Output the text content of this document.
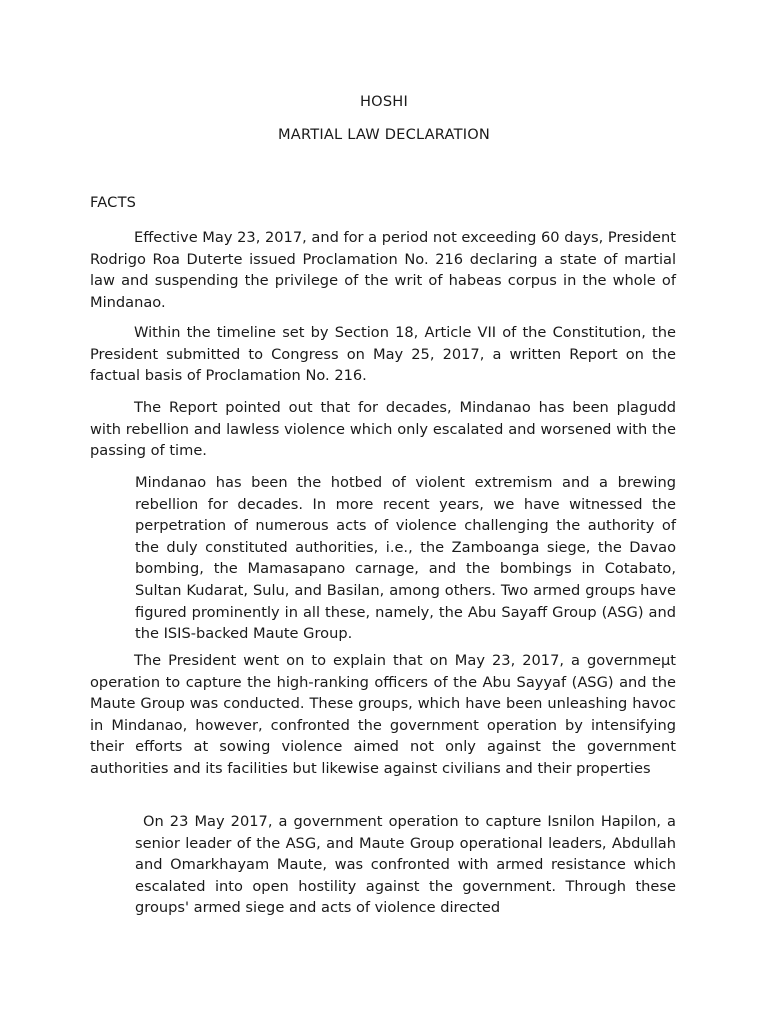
HOSHI
MARTIAL LAW DECLARATION
FACTS

Effective May 23, 2017, and for a period not exceeding 60 days, President Rodrigo Roa Duterte issued Proclamation No. 216 declaring a state of martial law and suspending the privilege of the writ of habeas corpus in the whole of Mindanao.

Within the timeline set by Section 18, Article VII of the Constitution, the President submitted to Congress on May 25, 2017, a written Report on the factual basis of Proclamation No. 216.

The Report pointed out that for decades, Mindanao has been plagudd with rebellion and lawless violence which only escalated and worsened with the passing of time.

Mindanao has been the hotbed of violent extremism and a brewing rebellion for decades. In more recent years, we have witnessed the perpetration of numerous acts of violence challenging the authority of the duly constituted authorities, i.e., the Zamboanga siege, the Davao bombing, the Mamasapano carnage, and the bombings in Cotabato, Sultan Kudarat, Sulu, and Basilan, among others. Two armed groups have figured prominently in all these, namely, the Abu Sayaff Group (ASG) and the ISIS-backed Maute Group.

The President went on to explain that on May 23, 2017, a governmeµt operation to capture the high-ranking officers of the Abu Sayyaf (ASG) and the Maute Group was conducted. These groups, which have been unleashing havoc in Mindanao, however, confronted the government operation by intensifying their efforts at sowing violence aimed not only against the government authorities and its facilities but likewise against civilians and their properties

On 23 May 2017, a government operation to capture Isnilon Hapilon, a senior leader of the ASG, and Maute Group operational leaders, Abdullah and Omarkhayam Maute, was confronted with armed resistance which escalated into open hostility against the government. Through these groups' armed siege and acts of violence directed
